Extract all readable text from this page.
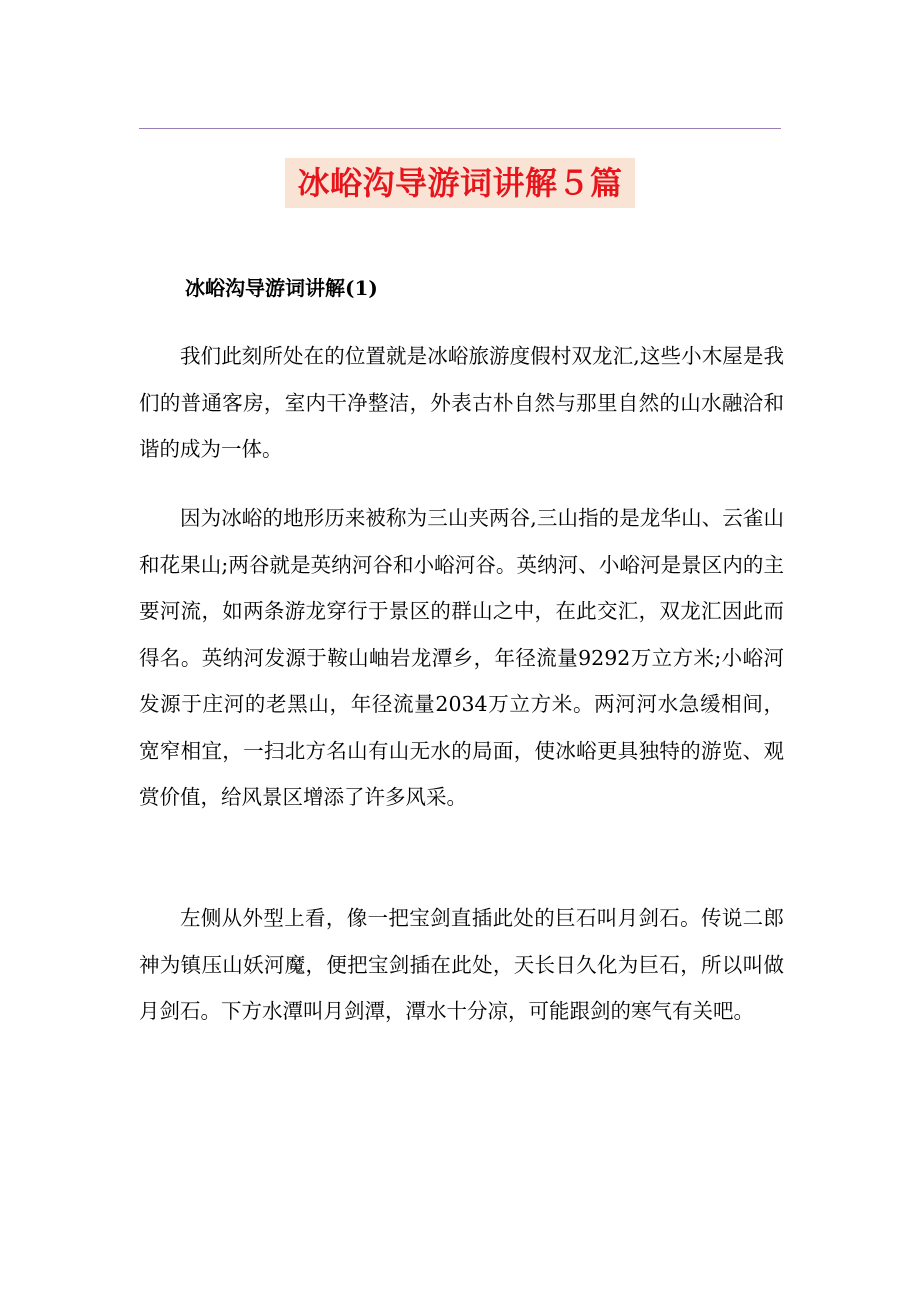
冰峪沟导游词讲解５篇
冰峪沟导游词讲解(1)

我们此刻所处在的位置就是冰峪旅游度假村双龙汇,这些小木屋是我们的普通客房，室内干净整洁，外表古朴自然与那里自然的山水融洽和谐的成为一体。

因为冰峪的地形历来被称为三山夹两谷,三山指的是龙华山、云雀山和花果山;两谷就是英纳河谷和小峪河谷。英纳河、小峪河是景区内的主要河流，如两条游龙穿行于景区的群山之中，在此交汇，双龙汇因此而得名。英纳河发源于鞍山岫岩龙潭乡，年径流量9292万立方米;小峪河发源于庄河的老黑山，年径流量2034万立方米。两河河水急缓相间，宽窄相宜，一扫北方名山有山无水的局面，使冰峪更具独特的游览、观赏价值，给风景区增添了许多风采。

左侧从外型上看，像一把宝剑直插此处的巨石叫月剑石。传说二郎神为镇压山妖河魔，便把宝剑插在此处，天长日久化为巨石，所以叫做月剑石。下方水潭叫月剑潭，潭水十分凉，可能跟剑的寒气有关吧。
